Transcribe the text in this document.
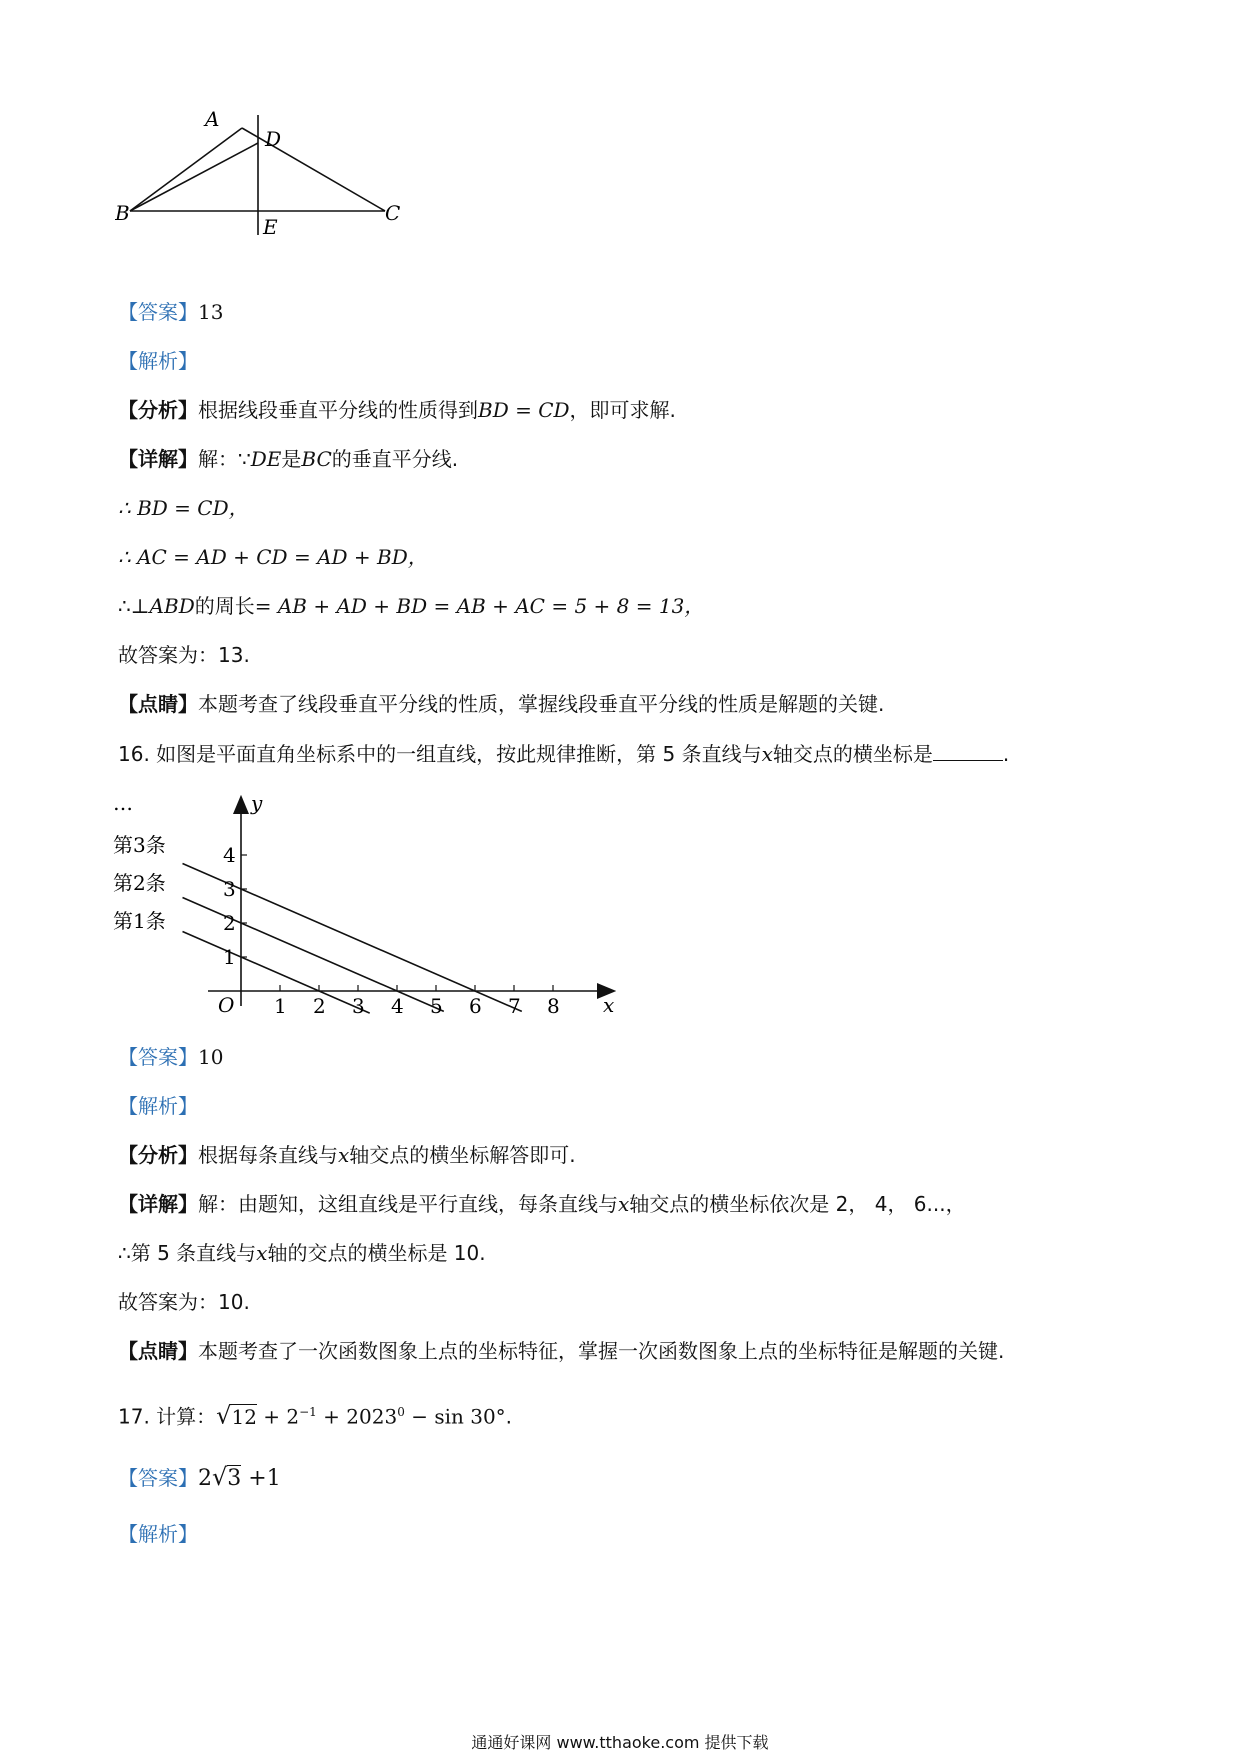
A
B	C
D
E
【答案】13
【解析】
【分析】根据线段垂直平分线的性质得到BD = CD，即可求解.
【详解】解：∵DE是BC的垂直平分线.
∴ BD = CD，
∴ AC = AD + CD = AD + BD，
∴⊥ABD的周长= AB + AD + BD = AB + AC = 5 + 8 = 13，
故答案为：13.
【点睛】本题考查了线段垂直平分线的性质，掌握线段垂直平分线的性质是解题的关键.
16. 如图是平面直角坐标系中的一组直线，按此规律推断，第 5 条直线与x轴交点的横坐标是	.
4
3
2
1
1 2 3 4 5 6 7 8
O	x
y
…
第3条
第2条
第1条
【答案】10
【解析】
【分析】根据每条直线与x轴交点的横坐标解答即可.
【详解】解：由题知，这组直线是平行直线，每条直线与x轴交点的横坐标依次是 2， 4， 6...，
∴第 5 条直线与x轴的交点的横坐标是 10.
故答案为：10.
【点睛】本题考查了一次函数图象上点的坐标特征，掌握一次函数图象上点的坐标特征是解题的关键.
17. 计算：$√12 + 2^{-1} + 2023^0 - \sin 30^\circ$.
【答案】2√3 +1
【解析】
通通好课网 www.tthaoke.com 提供下载
